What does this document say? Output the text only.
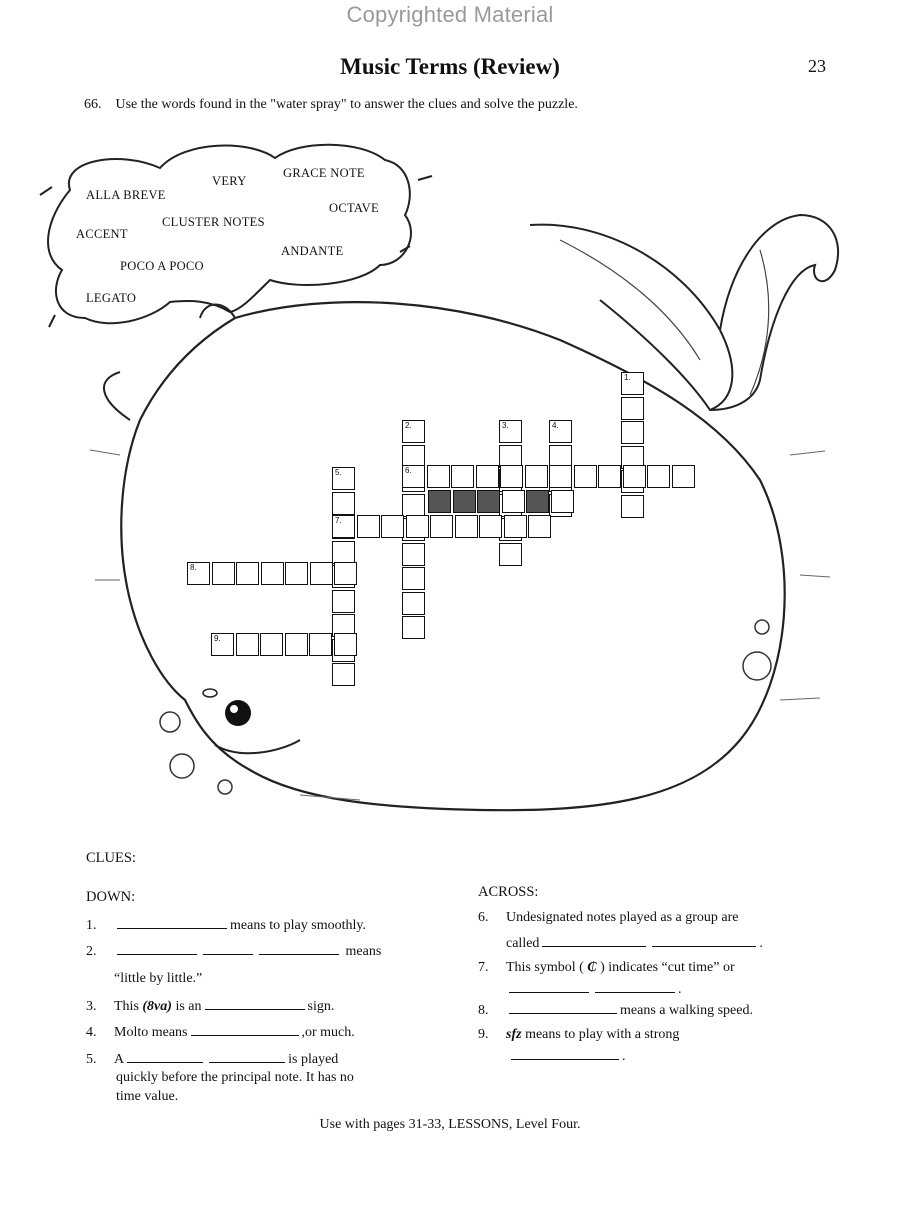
Copyrighted Material
Music Terms (Review)	23
66. Use the words found in the "water spray" to answer the clues and solve the puzzle.
ALLA BREVE
VERY
GRACE NOTE
OCTAVE
ACCENT
CLUSTER NOTES
ANDANTE
POCO A POCO
LEGATO
1.
2.	3.	4.
5.	6.
7.
8.
9.
CLUES:
DOWN:
1.	means to play smoothly.
2.	means
“little by little.”
3. This (8va) is an	sign.
4. Molto means	,or much.
5. A	is played
quickly before the principal note. It has no
time value.
ACROSS:
6. Undesignated notes played as a group are
called	.
7. This symbol ( ₵ ) indicates “cut time” or
.
8.	means a walking speed.
9. sfz means to play with a strong
.
Use with pages 31-33, LESSONS, Level Four.
